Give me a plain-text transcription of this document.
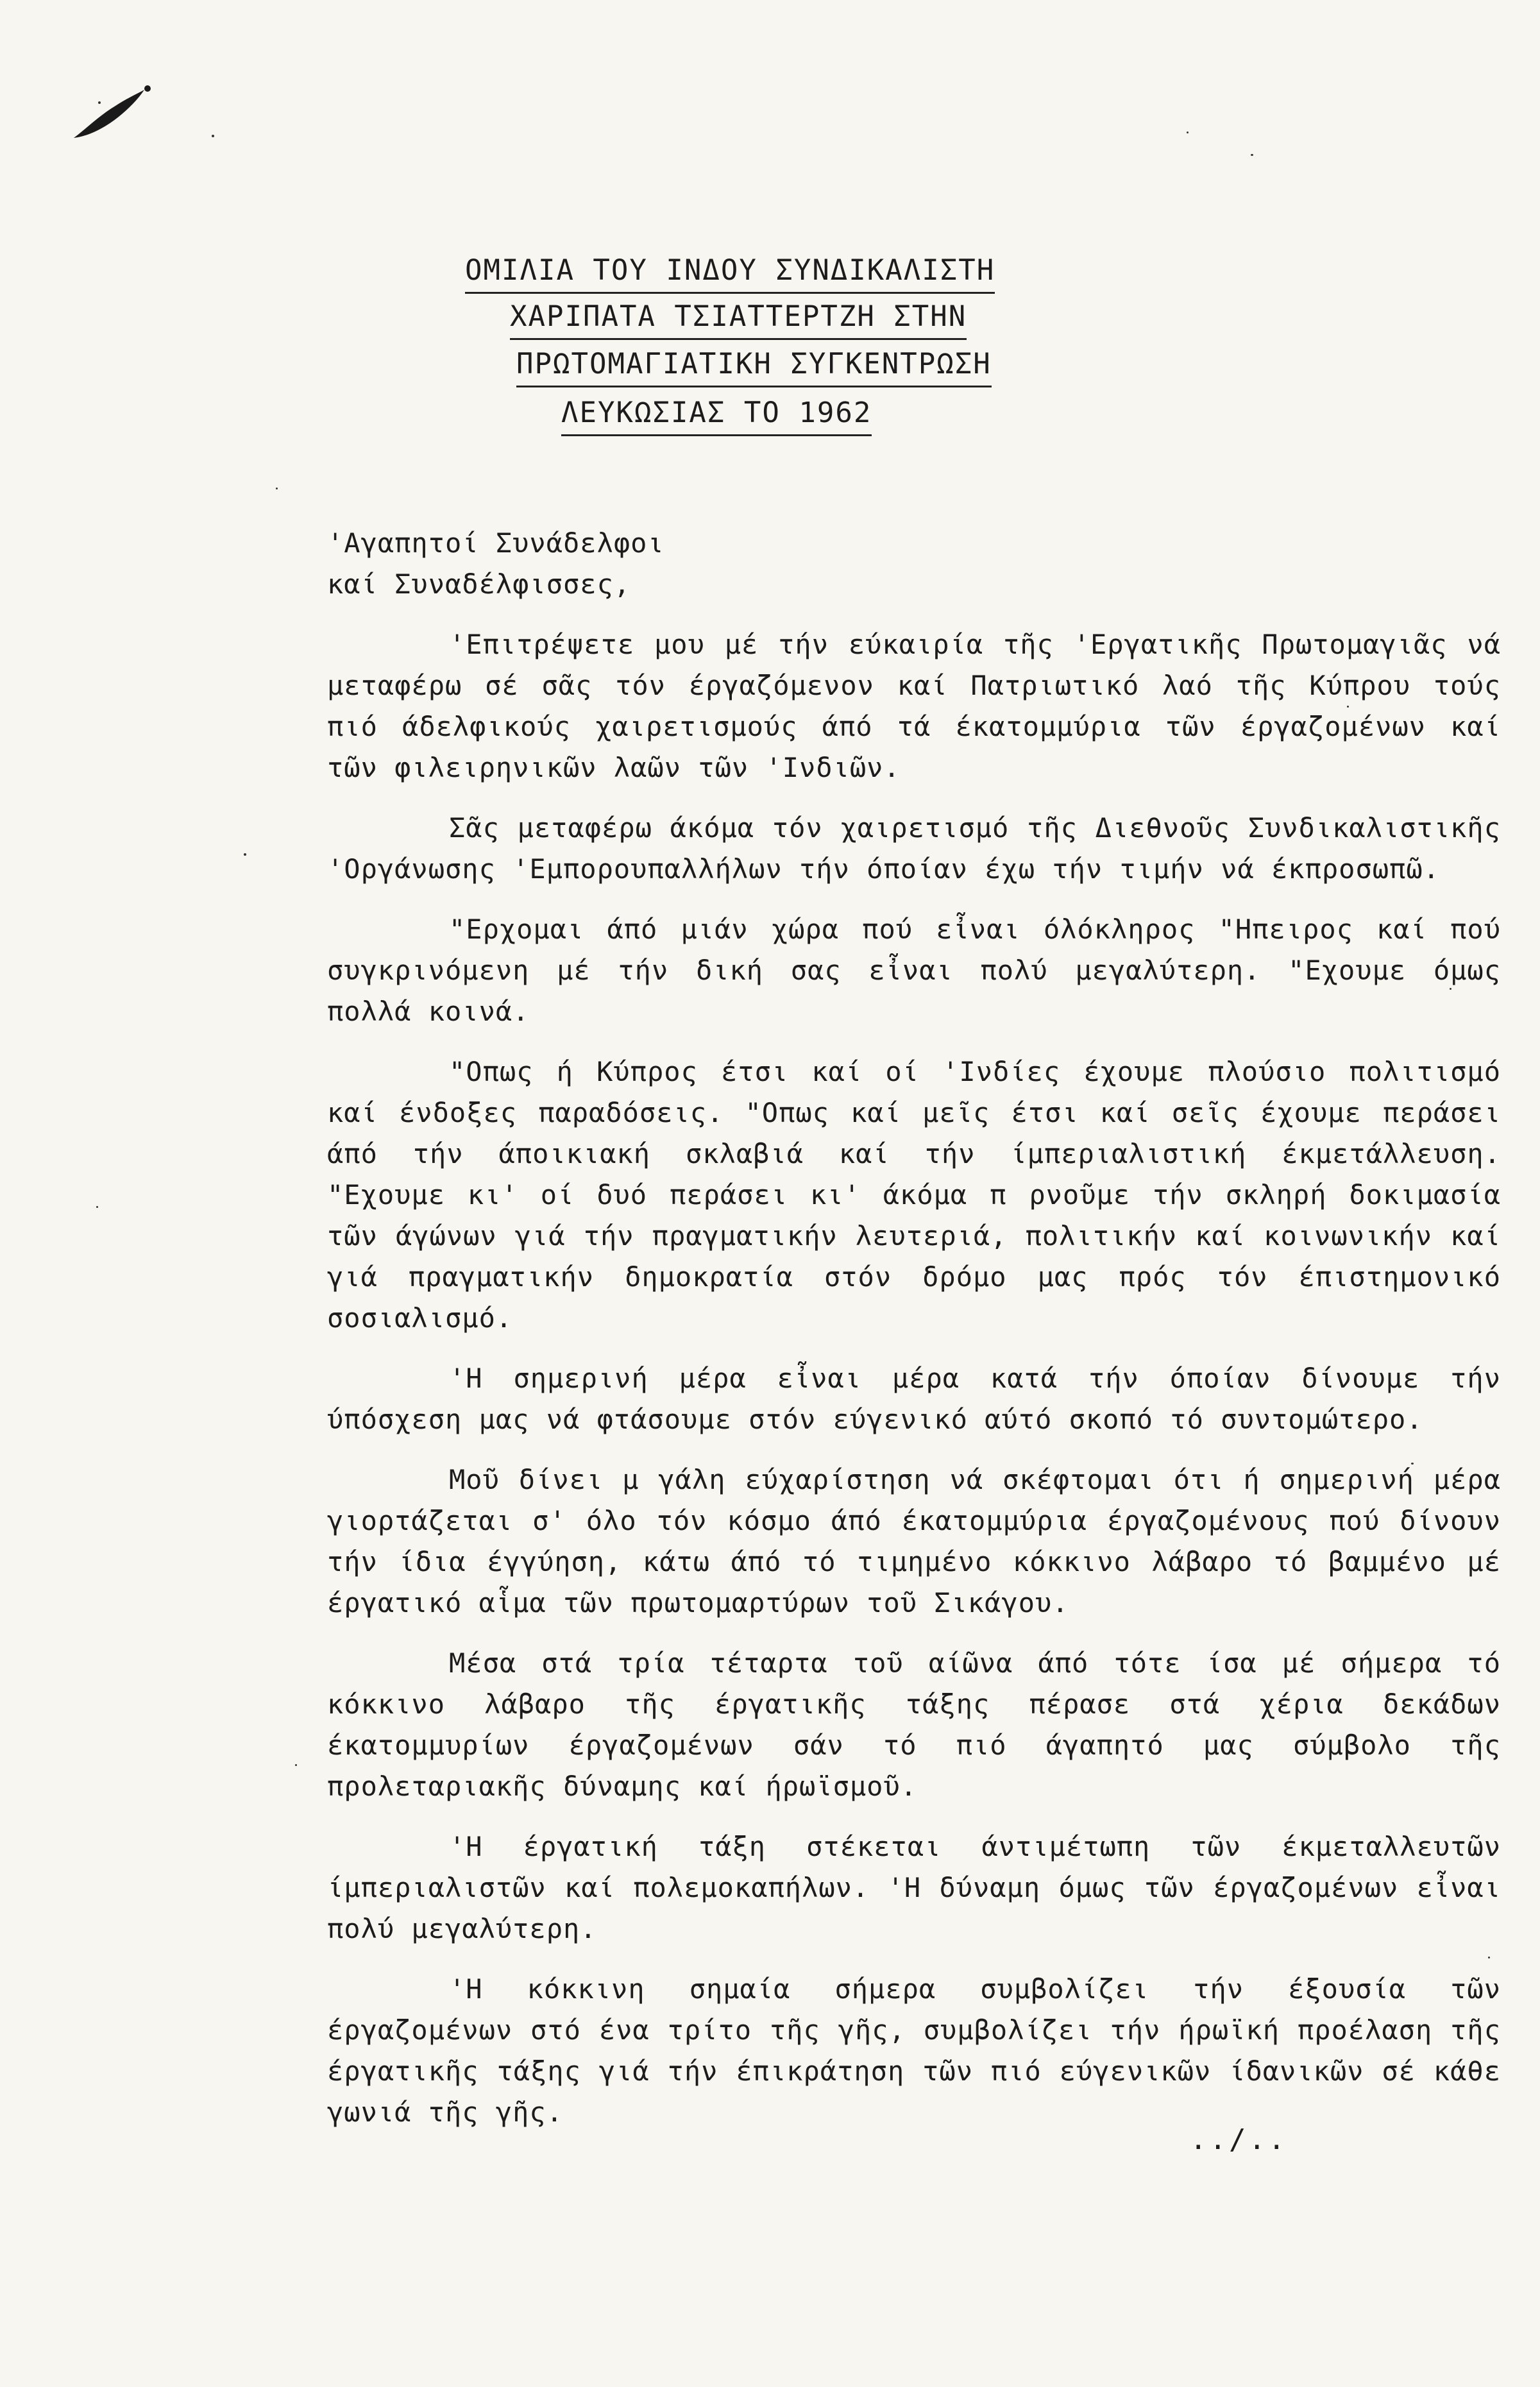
ΟΜΙΛΙΑ ΤΟΥ ΙΝΔΟΥ ΣΥΝΔΙΚΑΛΙΣΤΗ
ΧΑΡΙΠΑΤΑ ΤΣΙΑΤΤΕΡΤΖΗ ΣΤΗΝ
ΠΡΩΤΟΜΑΓΙΑΤΙΚΗ ΣΥΓΚΕΝΤΡΩΣΗ
ΛΕΥΚΩΣΙΑΣ ΤΟ 1962

'Αγαπητοί Συνάδελφοι
καί Συναδέλφισσες,

'Επιτρέψετε μου μέ τήν εύκαιρία τῆς 'Εργατικῆς Πρωτομαγιᾶς νά μεταφέρω σέ σᾶς τόν έργαζόμενον καί Πατριωτικό λαό τῆς Κύπρου τούς πιό άδελφικούς χαιρετισμούς άπό τά έκατομμύρια τῶν έργαζομένων καί τῶν φιλειρηνικῶν λαῶν τῶν 'Ινδιῶν.

Σᾶς μεταφέρω άκόμα τόν χαιρετισμό τῆς Διεθνοῦς Συνδικαλιστικῆς 'Οργάνωσης 'Εμπορουπαλλήλων τήν όποίαν έχω τήν τιμήν νά έκπροσωπῶ.

"Ερχομαι άπό μιάν χώρα πού εἶναι όλόκληρος "Ηπειρος καί πού συγκρινόμενη μέ τήν δική σας εἶναι πολύ μεγαλύτερη. "Εχουμε όμως πολλά κοινά.

"Οπως ή Κύπρος έτσι καί οί 'Ινδίες έχουμε πλούσιο πολιτισμό καί ένδοξες παραδόσεις. "Οπως καί μεῖς έτσι καί σεῖς έχουμε περάσει άπό τήν άποικιακή σκλαβιά καί τήν ίμπεριαλιστική έκμετάλλευση. "Εχουμε κι' οί δυό περάσει κι' άκόμα π ρνοῦμε τήν σκληρή δοκιμασία τῶν άγώνων γιά τήν πραγματικήν λευτεριά, πολιτικήν καί κοινωνικήν καί γιά πραγματικήν δημοκρατία στόν δρόμο μας πρός τόν έπιστημονικό σοσιαλισμό.

'Η σημερινή μέρα εἶναι μέρα κατά τήν όποίαν δίνουμε τήν ύπόσχεση μας νά φτάσουμε στόν εύγενικό αύτό σκοπό τό συντομώτερο.

Μοῦ δίνει μ γάλη εύχαρίστηση νά σκέφτομαι ότι ή σημερινή μέρα γιορτάζεται σ' όλο τόν κόσμο άπό έκατομμύρια έργαζομένους πού δίνουν τήν ίδια έγγύηση, κάτω άπό τό τιμημένο κόκκινο λάβαρο τό βαμμένο μέ έργατικό αἷμα τῶν πρωτομαρτύρων τοῦ Σικάγου.

Μέσα στά τρία τέταρτα τοῦ αίῶνα άπό τότε ίσα μέ σήμερα τό κόκκινο λάβαρο τῆς έργατικῆς τάξης πέρασε στά χέρια δεκάδων έκατομμυρίων έργαζομένων σάν τό πιό άγαπητό μας σύμβολο τῆς προλεταριακῆς δύναμης καί ήρωϊσμοῦ.

'Η έργατική τάξη στέκεται άντιμέτωπη τῶν έκμεταλλευτῶν ίμπεριαλιστῶν καί πολεμοκαπήλων. 'Η δύναμη όμως τῶν έργαζομένων εἶναι πολύ μεγαλύτερη.

'Η κόκκινη σημαία σήμερα συμβολίζει τήν έξουσία τῶν έργαζομένων στό ένα τρίτο τῆς γῆς, συμβολίζει τήν ήρωϊκή προέλαση τῆς έργατικῆς τάξης γιά τήν έπικράτηση τῶν πιό εύγενικῶν ίδανικῶν σέ κάθε γωνιά τῆς γῆς.

../..
